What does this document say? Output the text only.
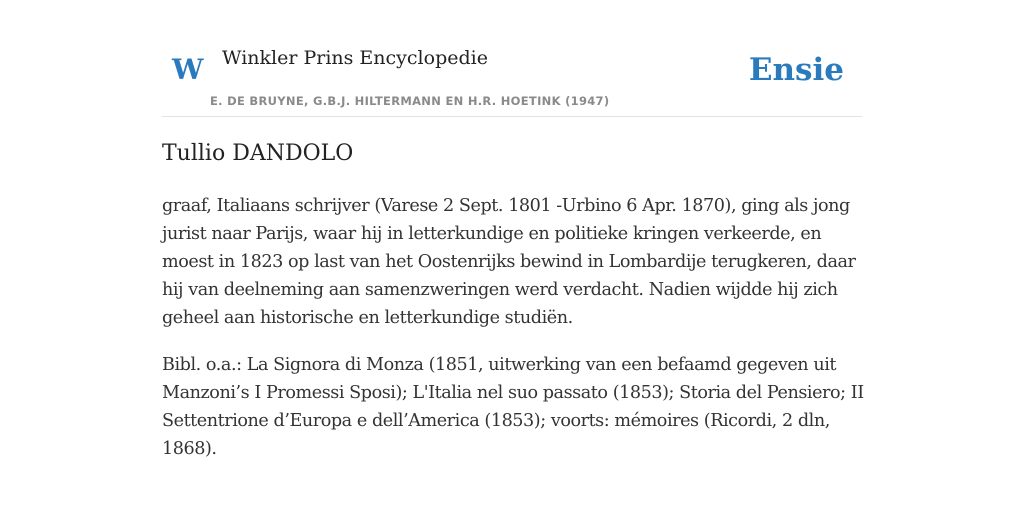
W Winkler Prins Encyclopedie
E. DE BRUYNE, G.B.J. HILTERMANN EN H.R. HOETINK (1947)
Ensie
Tullio DANDOLO

graaf, Italiaans schrijver (Varese 2 Sept. 1801 -Urbino 6 Apr. 1870), ging als jong
jurist naar Parijs, waar hij in letterkundige en politieke kringen verkeerde, en
moest in 1823 op last van het Oostenrijks bewind in Lombardije terugkeren, daar
hij van deelneming aan samenzweringen werd verdacht. Nadien wijdde hij zich
geheel aan historische en letterkundige studiën.

Bibl. o.a.: La Signora di Monza (1851, uitwerking van een befaamd gegeven uit
Manzoni’s I Promessi Sposi); L'Italia nel suo passato (1853); Storia del Pensiero; II
Settentrione d’Europa e dell’America (1853); voorts: mémoires (Ricordi, 2 dln,
1868).
